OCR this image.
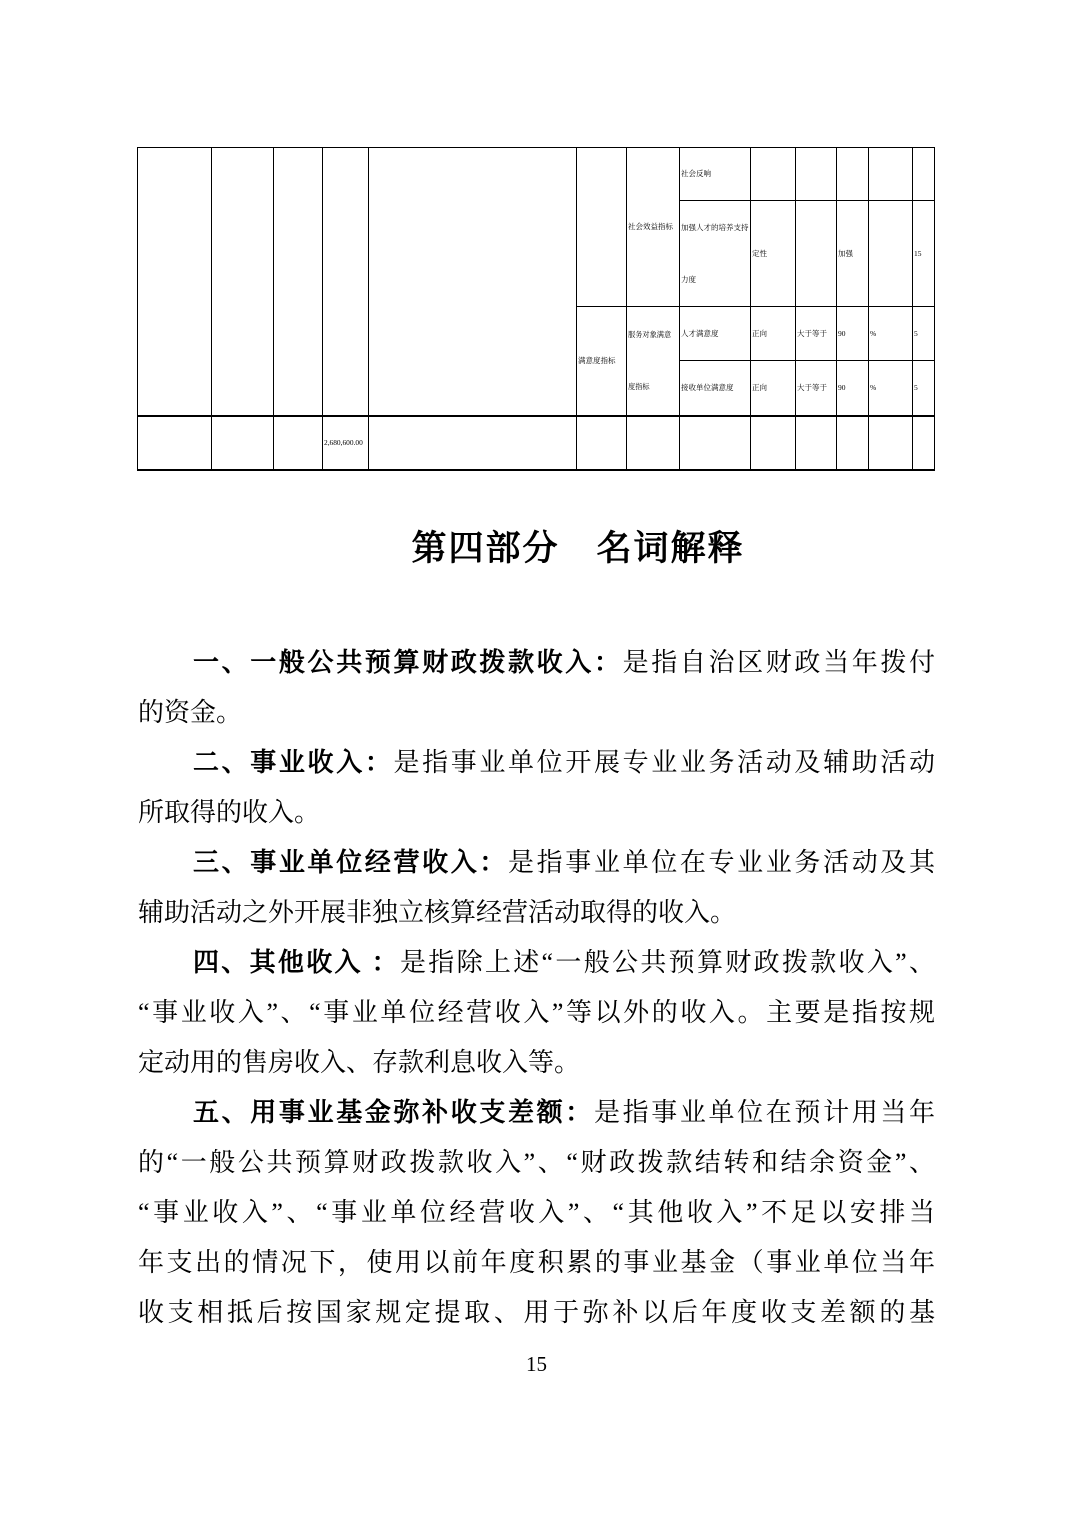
						社会效益指标	社会反响					
							加强人才的培养支持力度	定性		加强		15
					满意度指标	服务对象满意度指标	人才满意度	正向	大于等于	90	%	5
							接收单位满意度	正向	大于等于	90	%	5
			2,680,600.00									
第四部分　名词解释
一、一般公共预算财政拨款收入：是指自治区财政当年拨付
的资金。
二、事业收入：是指事业单位开展专业业务活动及辅助活动
所取得的收入。
三、事业单位经营收入：是指事业单位在专业业务活动及其
辅助活动之外开展非独立核算经营活动取得的收入。
四、其他收入 ：是指除上述“一般公共预算财政拨款收入”、
“事业收入”、“事业单位经营收入”等以外的收入。主要是指按规
定动用的售房收入、存款利息收入等。
五、用事业基金弥补收支差额：是指事业单位在预计用当年
的“一般公共预算财政拨款收入”、“财政拨款结转和结余资金”、
“事业收入”、“事业单位经营收入”、“其他收入”不足以安排当
年支出的情况下，使用以前年度积累的事业基金（事业单位当年
收支相抵后按国家规定提取、用于弥补以后年度收支差额的基
15
